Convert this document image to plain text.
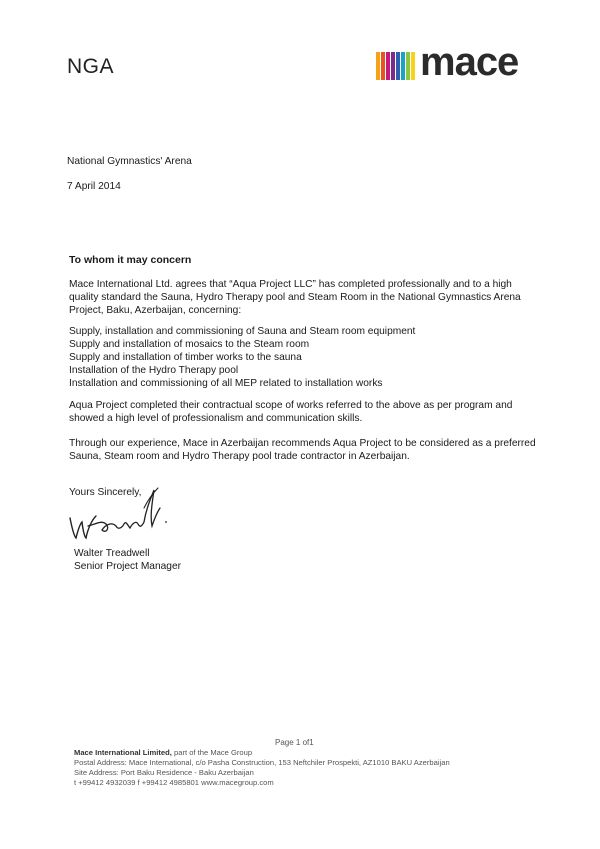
NGA	mace

National Gymnastics' Arena

7 April 2014

To whom it may concern

Mace International Ltd. agrees that “Aqua Project LLC” has completed professionally and to a high quality standard the Sauna, Hydro Therapy pool and Steam Room in the National Gymnastics Arena Project, Baku, Azerbaijan, concerning:

Supply, installation and commissioning of Sauna and Steam room equipment
Supply and installation of mosaics to the Steam room
Supply and installation of timber works to the sauna
Installation of the Hydro Therapy pool
Installation and commissioning of all MEP related to installation works

Aqua Project completed their contractual scope of works referred to the above as per program and showed a high level of professionalism and communication skills.

Through our experience, Mace in Azerbaijan recommends Aqua Project to be considered as a preferred Sauna, Steam room and Hydro Therapy pool trade contractor in Azerbaijan.

Yours Sincerely,

Walter Treadwell

Senior Project Manager

Page 1 of1
Mace International Limited, part of the Mace Group
Postal Address: Mace International, c/o Pasha Construction, 153 Neftchiler Prospekti, AZ1010 BAKU Azerbaijan
Site Address: Port Baku Residence - Baku Azerbaijan
t +99412 4932039 f +99412 4985801 www.macegroup.com
